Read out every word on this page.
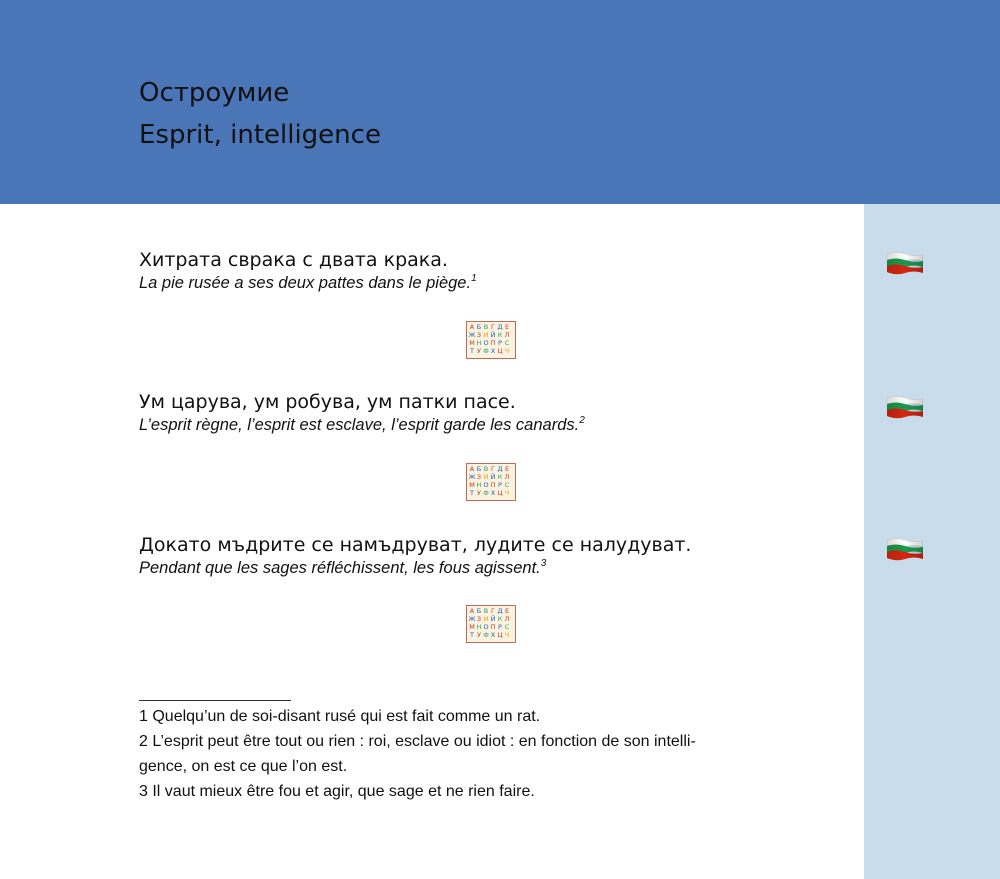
Остроумие
Esprit, intelligence
Хитрата сврака с двата крака.
La pie rusée a ses deux pattes dans le piège.$^1$
Ум царува, ум робува, ум патки пасе.
L’esprit règne, l’esprit est esclave, l’esprit garde les canards.$^2$
Докато мъдрите се намъдруват, лудите се налудуват.
Pendant que les sages réfléchissent, les fous agissent.$^3$

1 Quelqu’un de soi-disant rusé qui est fait comme un rat.

2 L’esprit peut être tout ou rien : roi, esclave ou idiot : en fonction de son intelli-

gence, on est ce que l’on est.

3 Il vaut mieux être fou et agir, que sage et ne rien faire.
